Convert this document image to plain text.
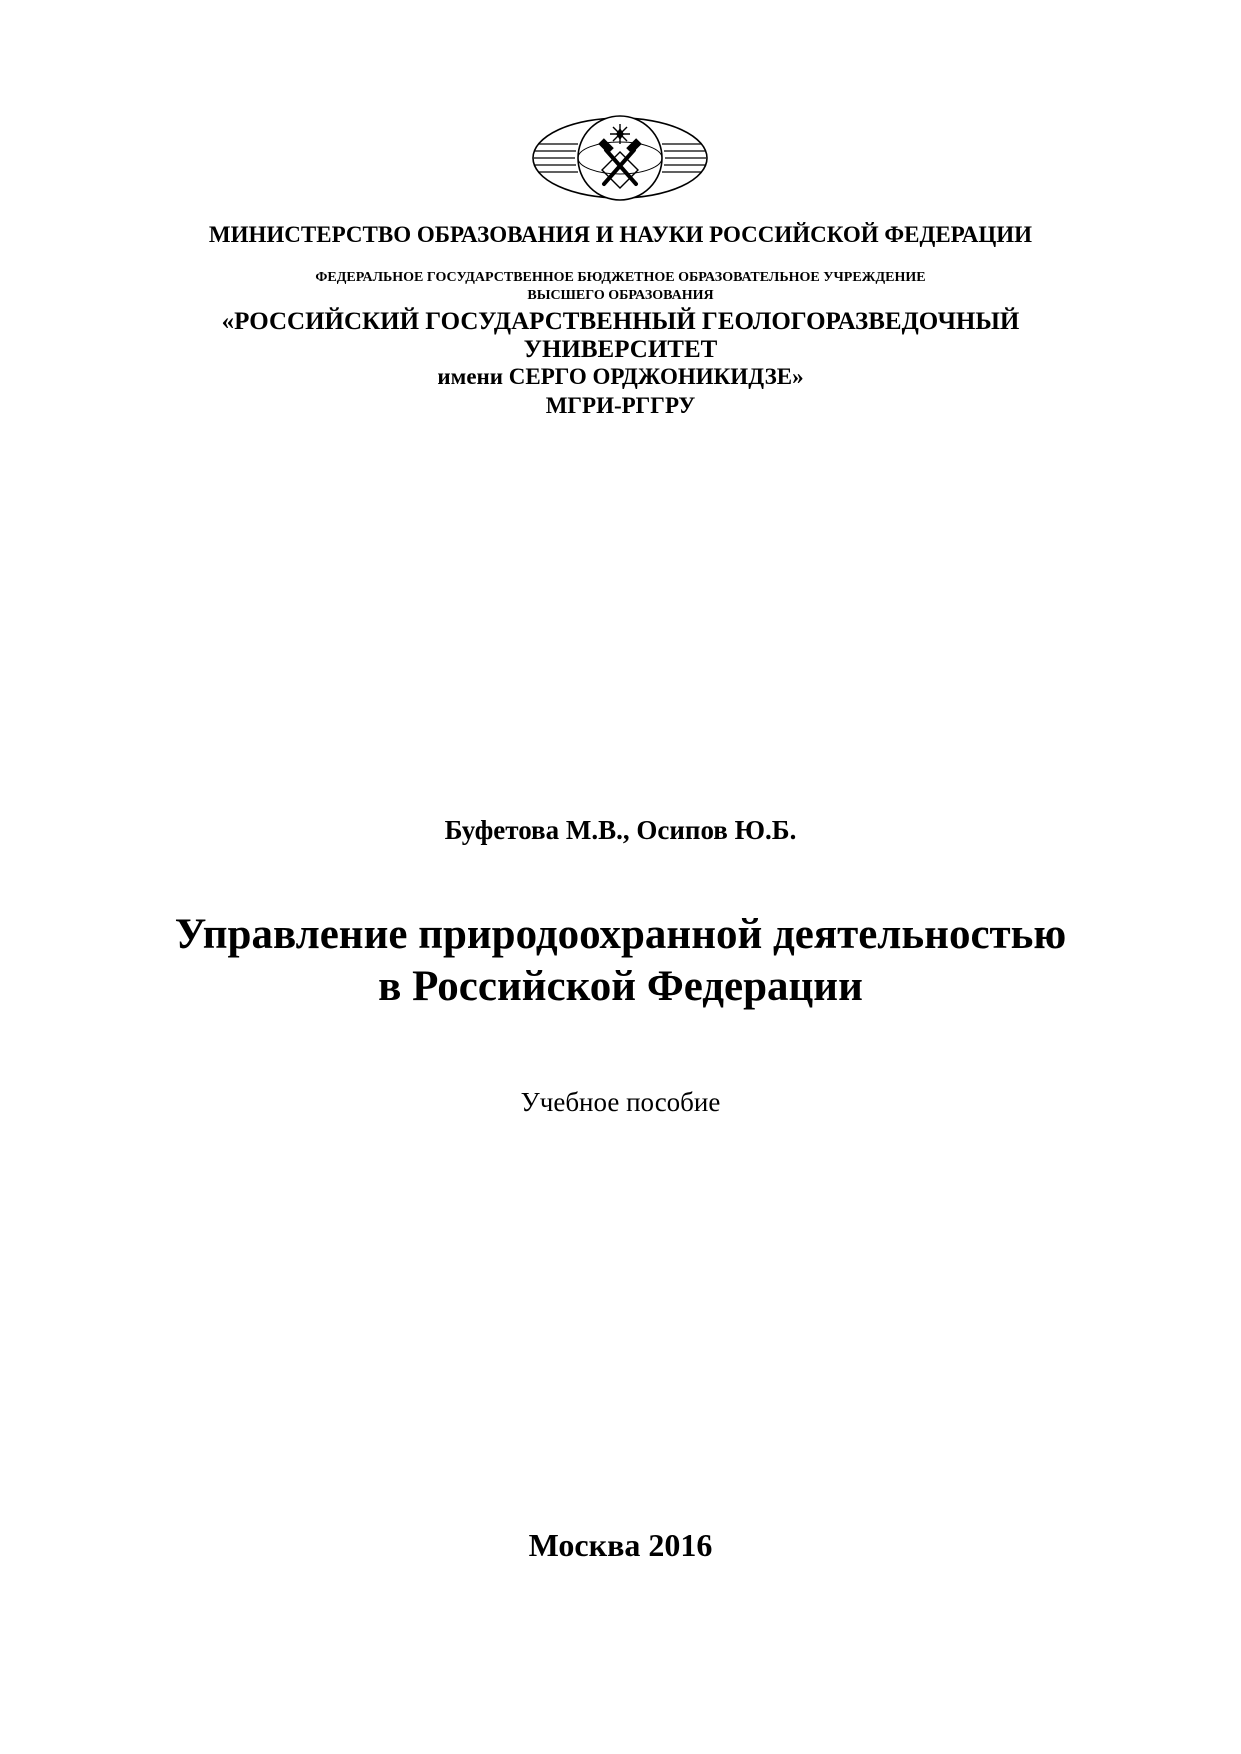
МИНИСТЕРСТВО ОБРАЗОВАНИЯ И НАУКИ РОССИЙСКОЙ ФЕДЕРАЦИИ
ФЕДЕРАЛЬНОЕ ГОСУДАРСТВЕННОЕ БЮДЖЕТНОЕ ОБРАЗОВАТЕЛЬНОЕ УЧРЕЖДЕНИЕ
ВЫСШЕГО ОБРАЗОВАНИЯ
«РОССИЙСКИЙ ГОСУДАРСТВЕННЫЙ ГЕОЛОГОРАЗВЕДОЧНЫЙ
УНИВЕРСИТЕТ
имени СЕРГО ОРДЖОНИКИДЗЕ»
МГРИ-РГГРУ
Буфетова М.В., Осипов Ю.Б.
Управление природоохранной деятельностью
в Российской Федерации
Учебное пособие
Москва 2016
